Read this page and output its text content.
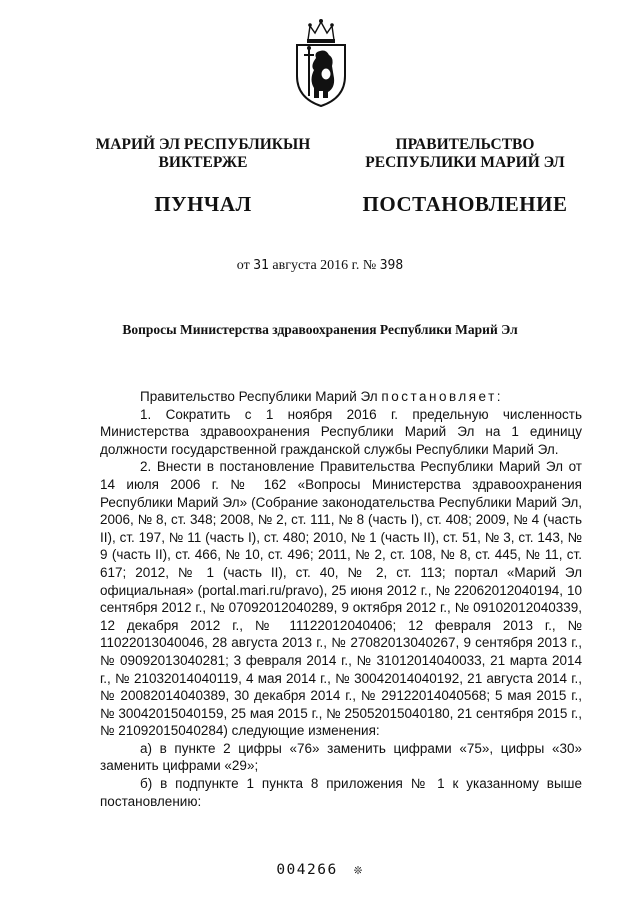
МАРИЙ ЭЛ РЕСПУБЛИКЫН
ВИКТЕРЖЕ
ПУНЧАЛ
ПРАВИТЕЛЬСТВО
РЕСПУБЛИКИ МАРИЙ ЭЛ
ПОСТАНОВЛЕНИЕ
от 31 августа 2016 г. № 398
Вопросы Министерства здравоохранения Республики Марий Эл

Правительство Республики Марий Эл постановляет:

1. Сократить с 1 ноября 2016 г. предельную численность Министерства здравоохранения Республики Марий Эл на 1 единицу должности государственной гражданской службы Республики Марий Эл.

2. Внести в постановление Правительства Республики Марий Эл от 14 июля 2006 г. № 162 «Вопросы Министерства здравоохранения Республики Марий Эл» (Собрание законодательства Республики Марий Эл, 2006, № 8, ст. 348; 2008, № 2, ст. 111, № 8 (часть I), ст. 408; 2009, № 4 (часть II), ст. 197, № 11 (часть I), ст. 480; 2010, № 1 (часть II), ст. 51, № 3, ст. 143, № 9 (часть II), ст. 466, № 10, ст. 496; 2011, № 2, ст. 108, № 8, ст. 445, № 11, ст. 617; 2012, № 1 (часть II), ст. 40, № 2, ст. 113; портал «Марий Эл официальная» (portal.mari.ru/pravo), 25 июня 2012 г., № 22062012040194, 10 сентября 2012 г., № 07092012040289, 9 октября 2012 г., № 09102012040339, 12 декабря 2012 г., № 11122012040406; 12 февраля 2013 г., № 11022013040046, 28 августа 2013 г., № 27082013040267, 9 сентября 2013 г., № 09092013040281; 3 февраля 2014 г., № 31012014040033, 21 марта 2014 г., № 21032014040119, 4 мая 2014 г., № 30042014040192, 21 августа 2014 г., № 20082014040389, 30 декабря 2014 г., № 29122014040568; 5 мая 2015 г., № 30042015040159, 25 мая 2015 г., № 25052015040180, 21 сентября 2015 г., № 21092015040284) следующие изменения:

а) в пункте 2 цифры «76» заменить цифрами «75», цифры «30» заменить цифрами «29»;

б) в подпункте 1 пункта 8 приложения № 1 к указанному выше постановлению:

004266 ❊
